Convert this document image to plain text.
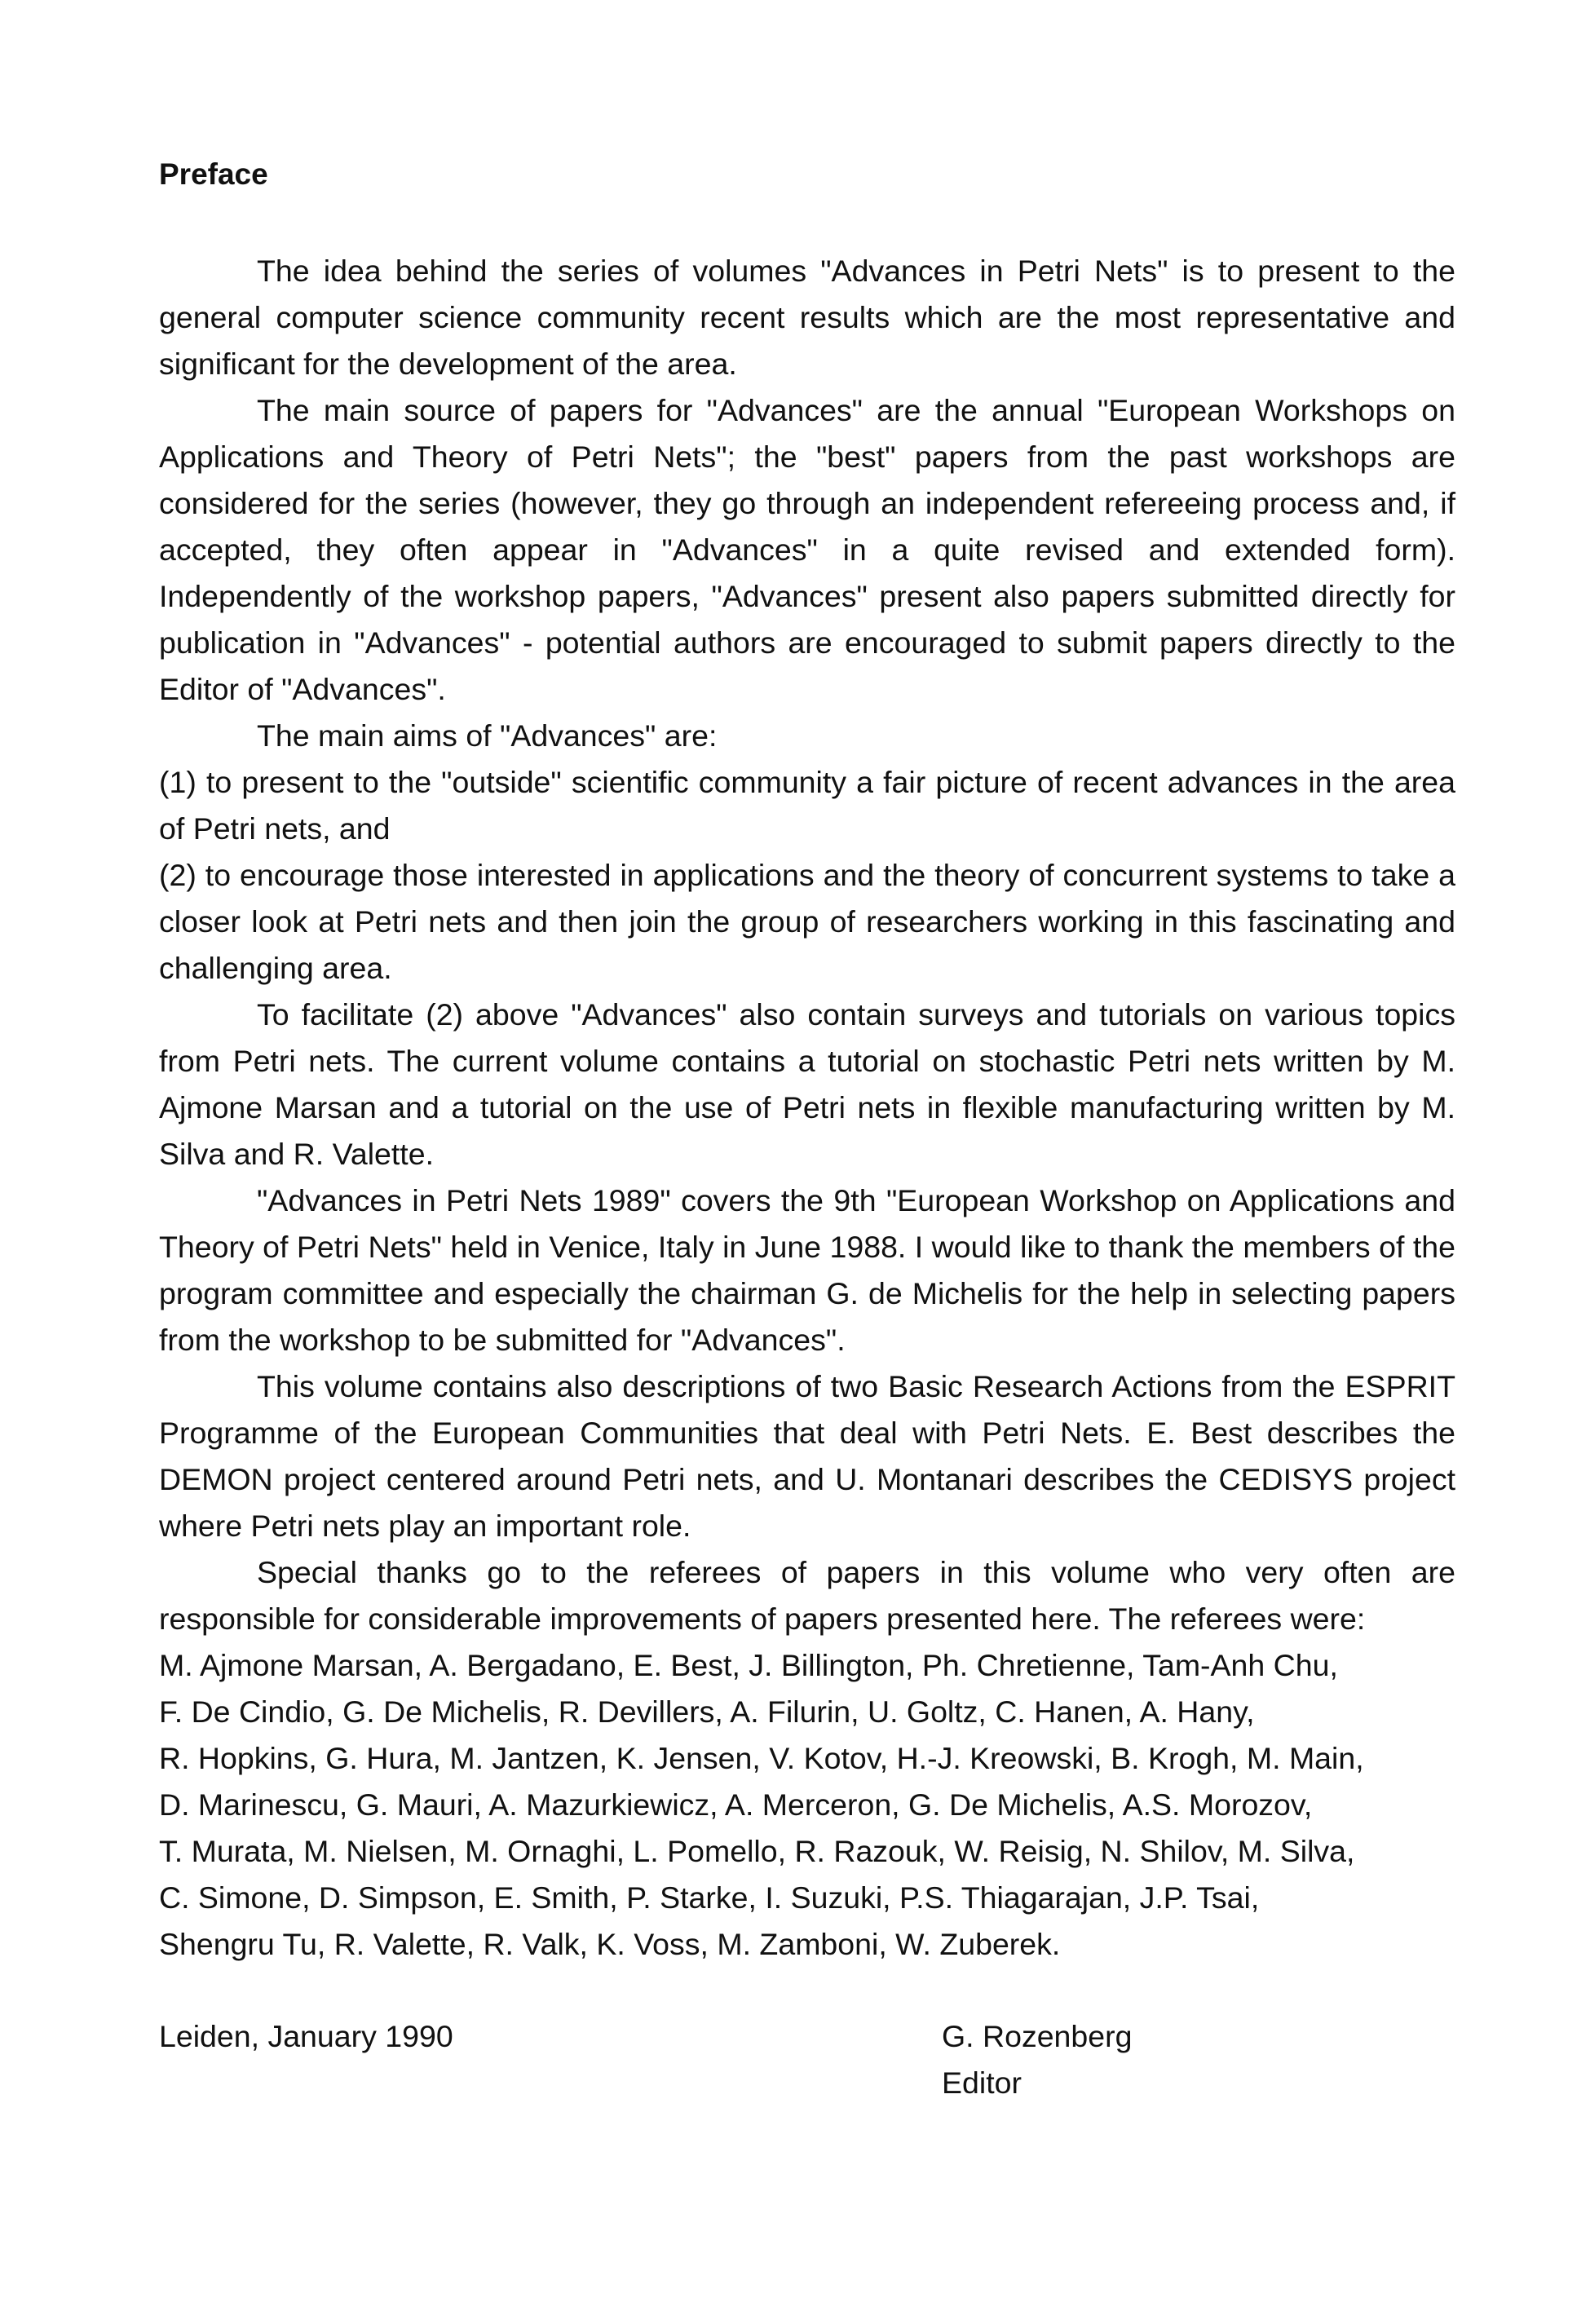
Preface

The idea behind the series of volumes "Advances in Petri Nets" is to present to the general computer science community recent results which are the most representative and significant for the development of the area.

The main source of papers for "Advances" are the annual "European Workshops on Applications and Theory of Petri Nets"; the "best" papers from the past workshops are considered for the series (however, they go through an independent refereeing process and, if accepted, they often appear in "Advances" in a quite revised and extended form). Independently of the workshop papers, "Advances" present also papers submitted directly for publication in "Advances" - potential authors are encouraged to submit papers directly to the Editor of "Advances".

The main aims of "Advances" are:

(1) to present to the "outside" scientific community a fair picture of recent advances in the area of Petri nets, and

(2) to encourage those interested in applications and the theory of concurrent systems to take a closer look at Petri nets and then join the group of researchers working in this fascinating and challenging area.

To facilitate (2) above "Advances" also contain surveys and tutorials on various topics from Petri nets. The current volume contains a tutorial on stochastic Petri nets written by M. Ajmone Marsan and a tutorial on the use of Petri nets in flexible manufacturing written by M. Silva and R. Valette.

"Advances in Petri Nets 1989" covers the 9th "European Workshop on Applications and Theory of Petri Nets" held in Venice, Italy in June 1988. I would like to thank the members of the program committee and especially the chairman G. de Michelis for the help in selecting papers from the workshop to be submitted for "Advances".

This volume contains also descriptions of two Basic Research Actions from the ESPRIT Programme of the European Communities that deal with Petri Nets. E. Best describes the DEMON project centered around Petri nets, and U. Montanari describes the CEDISYS project where Petri nets play an important role.

Special thanks go to the referees of papers in this volume who very often are responsible for considerable improvements of papers presented here. The referees were:

M. Ajmone Marsan, A. Bergadano, E. Best, J. Billington, Ph. Chretienne, Tam-Anh Chu,
F. De Cindio, G. De Michelis, R. Devillers, A. Filurin, U. Goltz, C. Hanen, A. Hany,
R. Hopkins, G. Hura, M. Jantzen, K. Jensen, V. Kotov, H.-J. Kreowski, B. Krogh, M. Main,
D. Marinescu, G. Mauri, A. Mazurkiewicz, A. Merceron, G. De Michelis, A.S. Morozov,
T. Murata, M. Nielsen, M. Ornaghi, L. Pomello, R. Razouk, W. Reisig, N. Shilov, M. Silva,
C. Simone, D. Simpson, E. Smith, P. Starke, I. Suzuki, P.S. Thiagarajan, J.P. Tsai,
Shengru Tu, R. Valette, R. Valk, K. Voss, M. Zamboni, W. Zuberek.

Leiden, January 1990	G. Rozenberg
Editor
